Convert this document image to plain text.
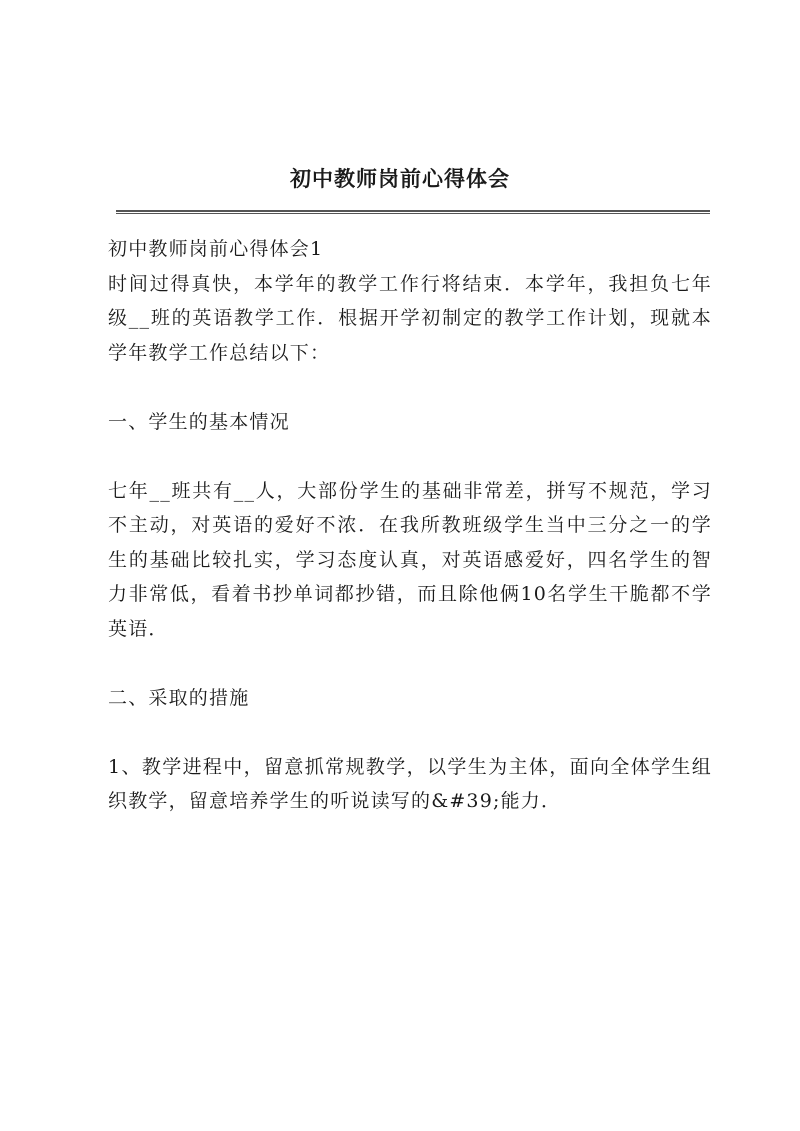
初中教师岗前心得体会

初中教师岗前心得体会1

时间过得真快，本学年的教学工作行将结束．本学年，我担负七年级__班的英语教学工作．根据开学初制定的教学工作计划，现就本学年教学工作总结以下：

一、学生的基本情况

七年__班共有__人，大部份学生的基础非常差，拼写不规范，学习不主动，对英语的爱好不浓．在我所教班级学生当中三分之一的学生的基础比较扎实，学习态度认真，对英语感爱好，四名学生的智力非常低，看着书抄单词都抄错，而且除他俩10名学生干脆都不学英语．

二、采取的措施

1、教学进程中，留意抓常规教学，以学生为主体，面向全体学生组织教学，留意培养学生的听说读写的&#39;能力．
